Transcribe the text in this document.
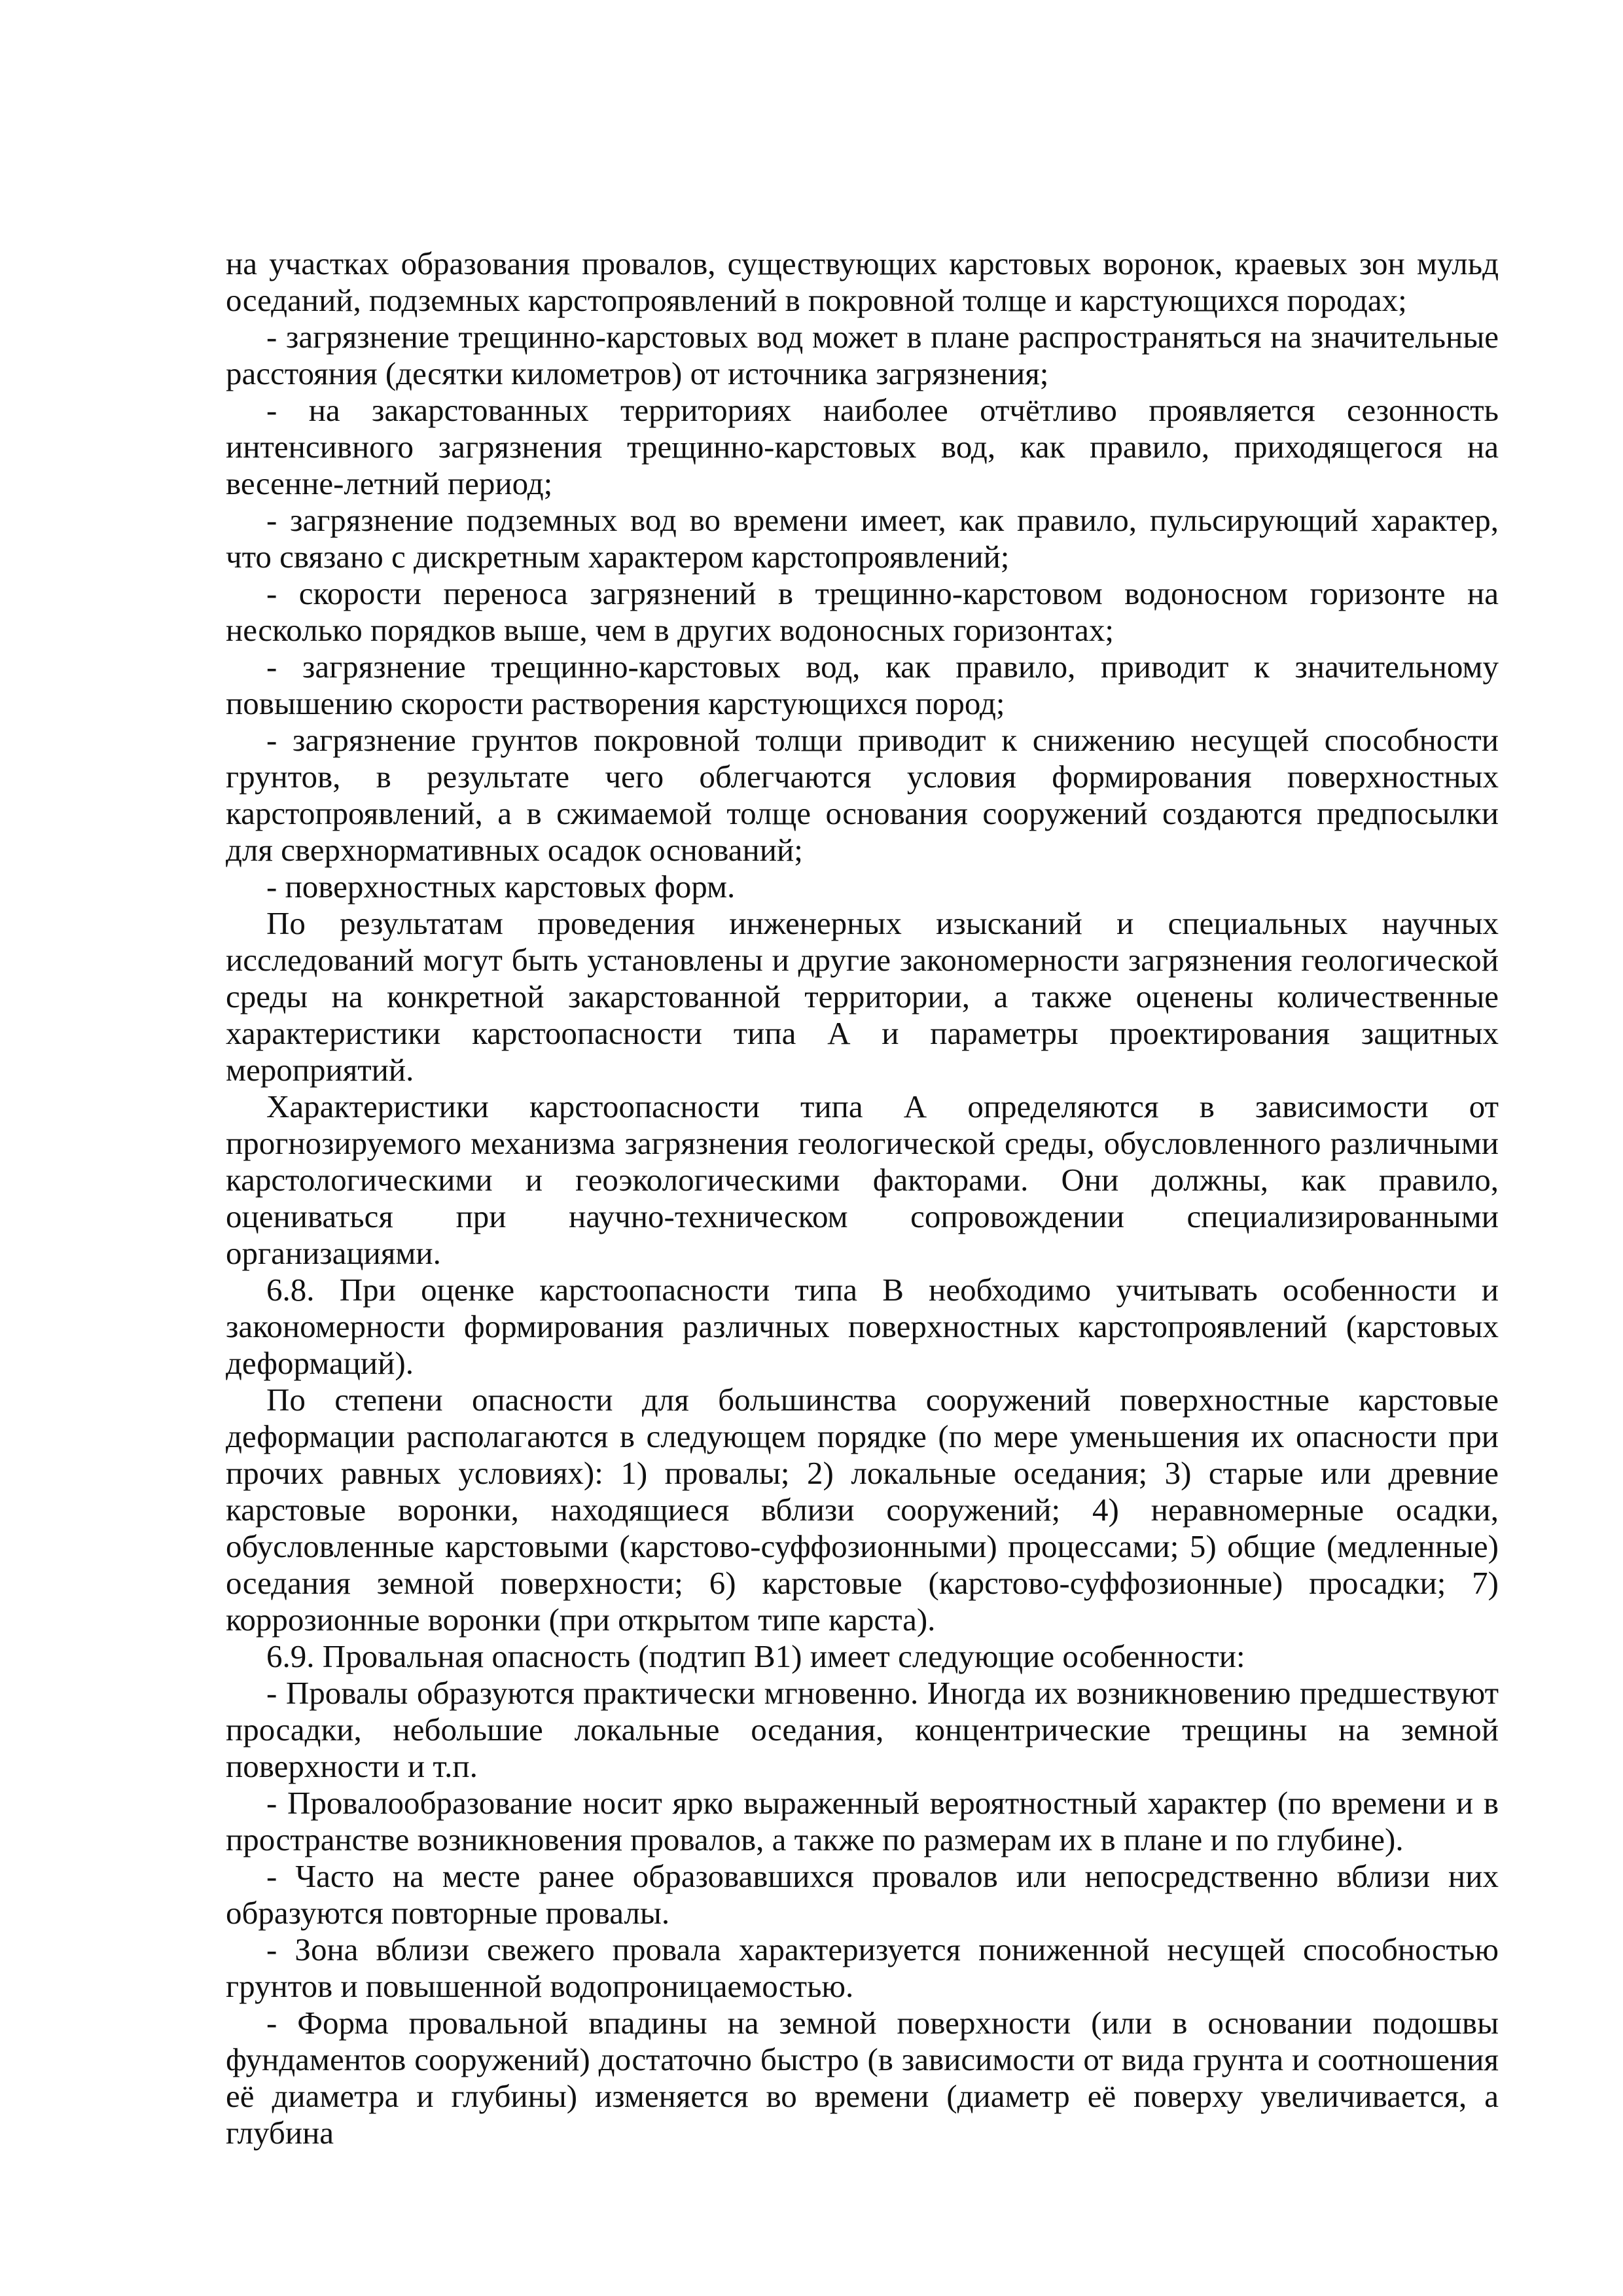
на участках образования провалов, существующих карстовых воронок, краевых зон мульд оседаний, подземных карстопроявлений в покровной толще и карстующихся породах;

- загрязнение трещинно-карстовых вод может в плане распространяться на значительные расстояния (десятки километров) от источника загрязнения;

- на закарстованных территориях наиболее отчётливо проявляется сезонность интенсивного загрязнения трещинно-карстовых вод, как правило, приходящегося на весенне-летний период;

- загрязнение подземных вод во времени имеет, как правило, пульсирующий характер, что связано с дискретным характером карстопроявлений;

- скорости переноса загрязнений в трещинно-карстовом водоносном горизонте на несколько порядков выше, чем в других водоносных горизонтах;

- загрязнение трещинно-карстовых вод, как правило, приводит к значительному повышению скорости растворения карстующихся пород;

- загрязнение грунтов покровной толщи приводит к снижению несущей способности грунтов, в результате чего облегчаются условия формирования поверхностных карстопроявлений, а в сжимаемой толще основания сооружений создаются предпосылки для сверхнормативных осадок оснований;

- поверхностных карстовых форм.

По результатам проведения инженерных изысканий и специальных научных исследований могут быть установлены и другие закономерности загрязнения геологической среды на конкретной закарстованной территории, а также оценены количественные характеристики карстоопасности типа А и параметры проектирования защитных мероприятий.

Характеристики карстоопасности типа А определяются в зависимости от прогнозируемого механизма загрязнения геологической среды, обусловленного различными карстологическими и геоэкологическими факторами. Они должны, как правило, оцениваться при научно-техническом сопровождении специализированными организациями.

6.8. При оценке карстоопасности типа В необходимо учитывать особенности и закономерности формирования различных поверхностных карстопроявлений (карстовых деформаций).

По степени опасности для большинства сооружений поверхностные карстовые деформации располагаются в следующем порядке (по мере уменьшения их опасности при прочих равных условиях): 1) провалы; 2) локальные оседания; 3) старые или древние карстовые воронки, находящиеся вблизи сооружений; 4) неравномерные осадки, обусловленные карстовыми (карстово-суффозионными) процессами; 5) общие (медленные) оседания земной поверхности; 6) карстовые (карстово-суффозионные) просадки; 7) коррозионные воронки (при открытом типе карста).

6.9. Провальная опасность (подтип В1) имеет следующие особенности:

- Провалы образуются практически мгновенно. Иногда их возникновению предшествуют просадки, небольшие локальные оседания, концентрические трещины на земной поверхности и т.п.

- Провалообразование носит ярко выраженный вероятностный характер (по времени и в пространстве возникновения провалов, а также по размерам их в плане и по глубине).

- Часто на месте ранее образовавшихся провалов или непосредственно вблизи них образуются повторные провалы.

- Зона вблизи свежего провала характеризуется пониженной несущей способностью грунтов и повышенной водопроницаемостью.

- Форма провальной впадины на земной поверхности (или в основании подошвы фундаментов сооружений) достаточно быстро (в зависимости от вида грунта и соотношения её диаметра и глубины) изменяется во времени (диаметр её поверху увеличивается, а глубина
